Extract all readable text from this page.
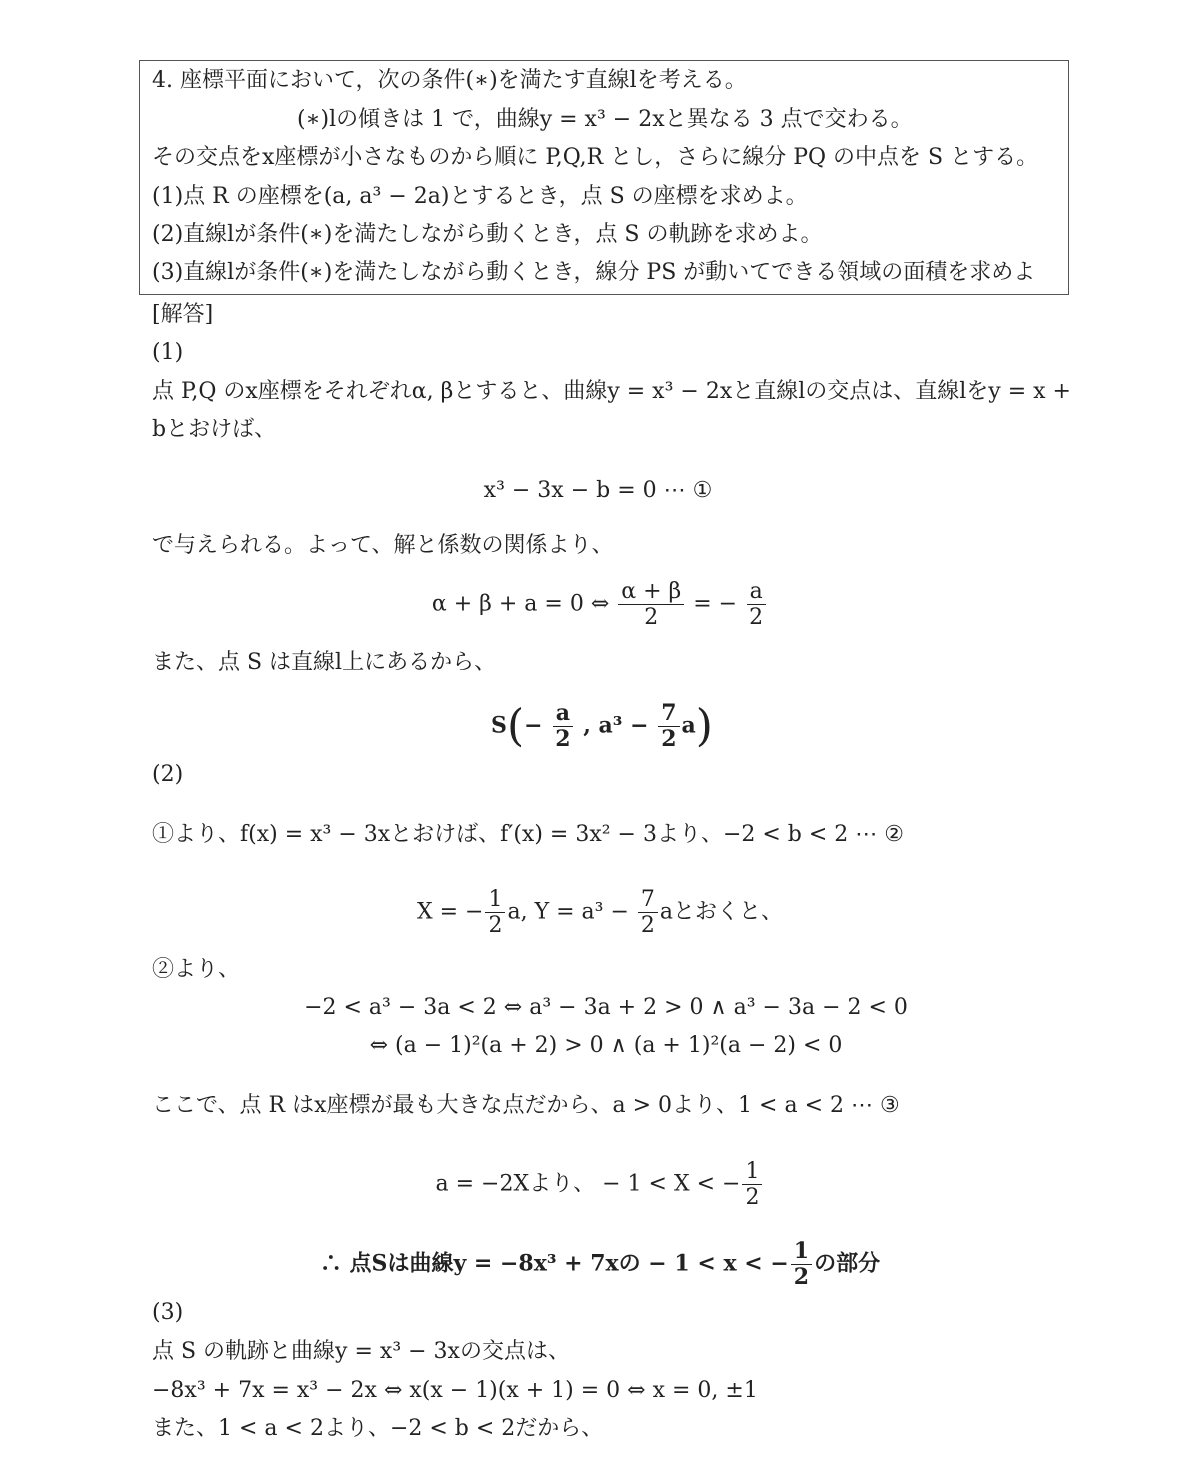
4. 座標平面において，次の条件(∗)を満たす直線lを考える。
(∗)lの傾きは 1 で，曲線y = x³ − 2xと異なる 3 点で交わる。
その交点をx座標が小さなものから順に P,Q,R とし，さらに線分 PQ の中点を S とする。
(1)点 R の座標を(a, a³ − 2a)とするとき，点 S の座標を求めよ。
(2)直線lが条件(∗)を満たしながら動くとき，点 S の軌跡を求めよ。
(3)直線lが条件(∗)を満たしながら動くとき，線分 PS が動いてできる領域の面積を求めよ
[解答]
(1)
点 P,Q のx座標をそれぞれα, βとすると、曲線y = x³ − 2xと直線lの交点は、直線lをy = x +
bとおけば、
x³ − 3x − b = 0 ⋯ ①
で与えられる。よって、解と係数の関係より、
α + β + a = 0 ⇔ $\frac{\alpha + \beta}{2}$ = − $\frac{a}{2}$
また、点 S は直線l上にあるから、
$S(- \frac{a}{2}$ , $a^3 - \frac{7}{2} a$)
(2)
①より、f(x) = x³ − 3xとおけば、f′(x) = 3x² − 3より、−2 < b < 2 ⋯ ②
X = − $\frac{1}{2} a$, $Y = a^3 - \frac{7}{2}$ aとおくと、
②より、
−2 < a³ − 3a < 2 ⇔ a³ − 3a + 2 > 0 ∧ a³ − 3a − 2 < 0
⇔ (a − 1)²(a + 2) > 0 ∧ (a + 1)²(a − 2) < 0
ここで、点 R はx座標が最も大きな点だから、a > 0より、1 < a < 2 ⋯ ③
a = −2Xより、 − 1 < X < − $\frac{1}{2}$
∴ 点Sは曲線y = −8x³ + 7xの − 1 < x < − $\frac{1}{2}$ の部分
(3)
点 S の軌跡と曲線y = x³ − 3xの交点は、
−8x³ + 7x = x³ − 2x ⇔ x(x − 1)(x + 1) = 0 ⇔ x = 0, ±1
また、1 < a < 2より、−2 < b < 2だから、
